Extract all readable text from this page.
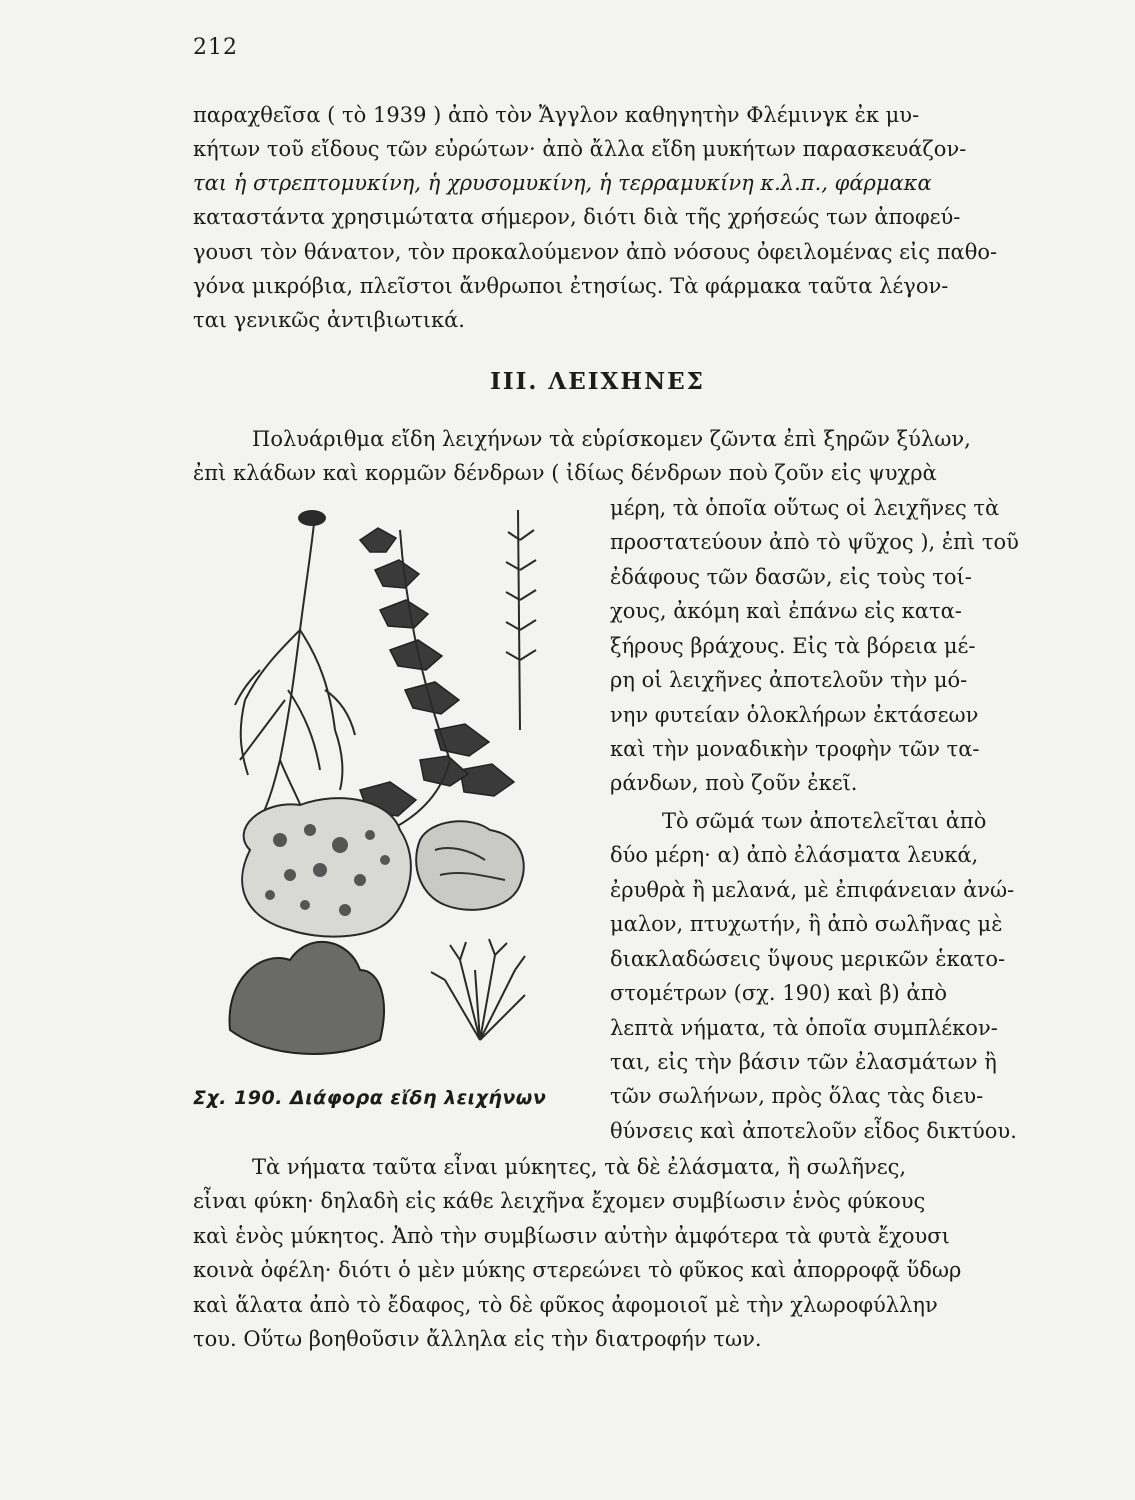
212
παραχθεῖσα ( τὸ 1939 ) ἀπὸ τὸν Ἄγγλον καθηγητὴν Φλέμινγκ ἐκ μυ-
κήτων τοῦ εἴδους τῶν εὐρώτων· ἀπὸ ἄλλα εἴδη μυκήτων παρασκευάζον-
ται ἡ στρεπτομυκίνη, ἡ χρυσομυκίνη, ἡ τερραμυκίνη κ.λ.π., φάρμακα
καταστάντα χρησιμώτατα σήμερον, διότι διὰ τῆς χρήσεώς των ἀποφεύ-
γουσι τὸν θάνατον, τὸν προκαλούμενον ἀπὸ νόσους ὀφειλομένας εἰς παθο-
γόνα μικρόβια, πλεῖστοι ἄνθρωποι ἐτησίως. Τὰ φάρμακα ταῦτα λέγον-
ται γενικῶς ἀντιβιωτικά.
III. ΛΕΙΧΗΝΕΣ
Πολυάριθμα εἴδη λειχήνων τὰ εὑρίσκομεν ζῶντα ἐπὶ ξηρῶν ξύλων,
ἐπὶ κλάδων καὶ κορμῶν δένδρων ( ἰδίως δένδρων ποὺ ζοῦν εἰς ψυχρὰ
μέρη, τὰ ὁποῖα οὕτως οἱ λειχῆνες τὰ
προστατεύουν ἀπὸ τὸ ψῦχος ), ἐπὶ τοῦ
ἐδάφους τῶν δασῶν, εἰς τοὺς τοί-
χους, ἀκόμη καὶ ἐπάνω εἰς κατα-
ξήρους βράχους. Εἰς τὰ βόρεια μέ-
ρη οἱ λειχῆνες ἀποτελοῦν τὴν μό-
νην φυτείαν ὁλοκλήρων ἐκτάσεων
καὶ τὴν μοναδικὴν τροφὴν τῶν τα-
ράνδων, ποὺ ζοῦν ἐκεῖ.
Τὸ σῶμά των ἀποτελεῖται ἀπὸ
δύο μέρη· α) ἀπὸ ἐλάσματα λευκά,
ἐρυθρὰ ἢ μελανά, μὲ ἐπιφάνειαν ἀνώ-
μαλον, πτυχωτήν, ἢ ἀπὸ σωλῆνας μὲ
διακλαδώσεις ὕψους μερικῶν ἑκατο-
στομέτρων (σχ. 190) καὶ β) ἀπὸ
λεπτὰ νήματα, τὰ ὁποῖα συμπλέκον-
ται, εἰς τὴν βάσιν τῶν ἐλασμάτων ἢ
τῶν σωλήνων, πρὸς ὅλας τὰς διευ-
θύνσεις καὶ ἀποτελοῦν εἶδος δικτύου.
Σχ. 190. Διάφορα εἴδη λειχήνων
Τὰ νήματα ταῦτα εἶναι μύκητες, τὰ δὲ ἐλάσματα, ἢ σωλῆνες,
εἶναι φύκη· δηλαδὴ εἰς κάθε λειχῆνα ἔχομεν συμβίωσιν ἑνὸς φύκους
καὶ ἑνὸς μύκητος. Ἀπὸ τὴν συμβίωσιν αὐτὴν ἀμφότερα τὰ φυτὰ ἔχουσι
κοινὰ ὀφέλη· διότι ὁ μὲν μύκης στερεώνει τὸ φῦκος καὶ ἀπορροφᾷ ὕδωρ
καὶ ἅλατα ἀπὸ τὸ ἔδαφος, τὸ δὲ φῦκος ἀφομοιοῖ μὲ τὴν χλωροφύλλην
του. Οὕτω βοηθοῦσιν ἄλληλα εἰς τὴν διατροφήν των.
